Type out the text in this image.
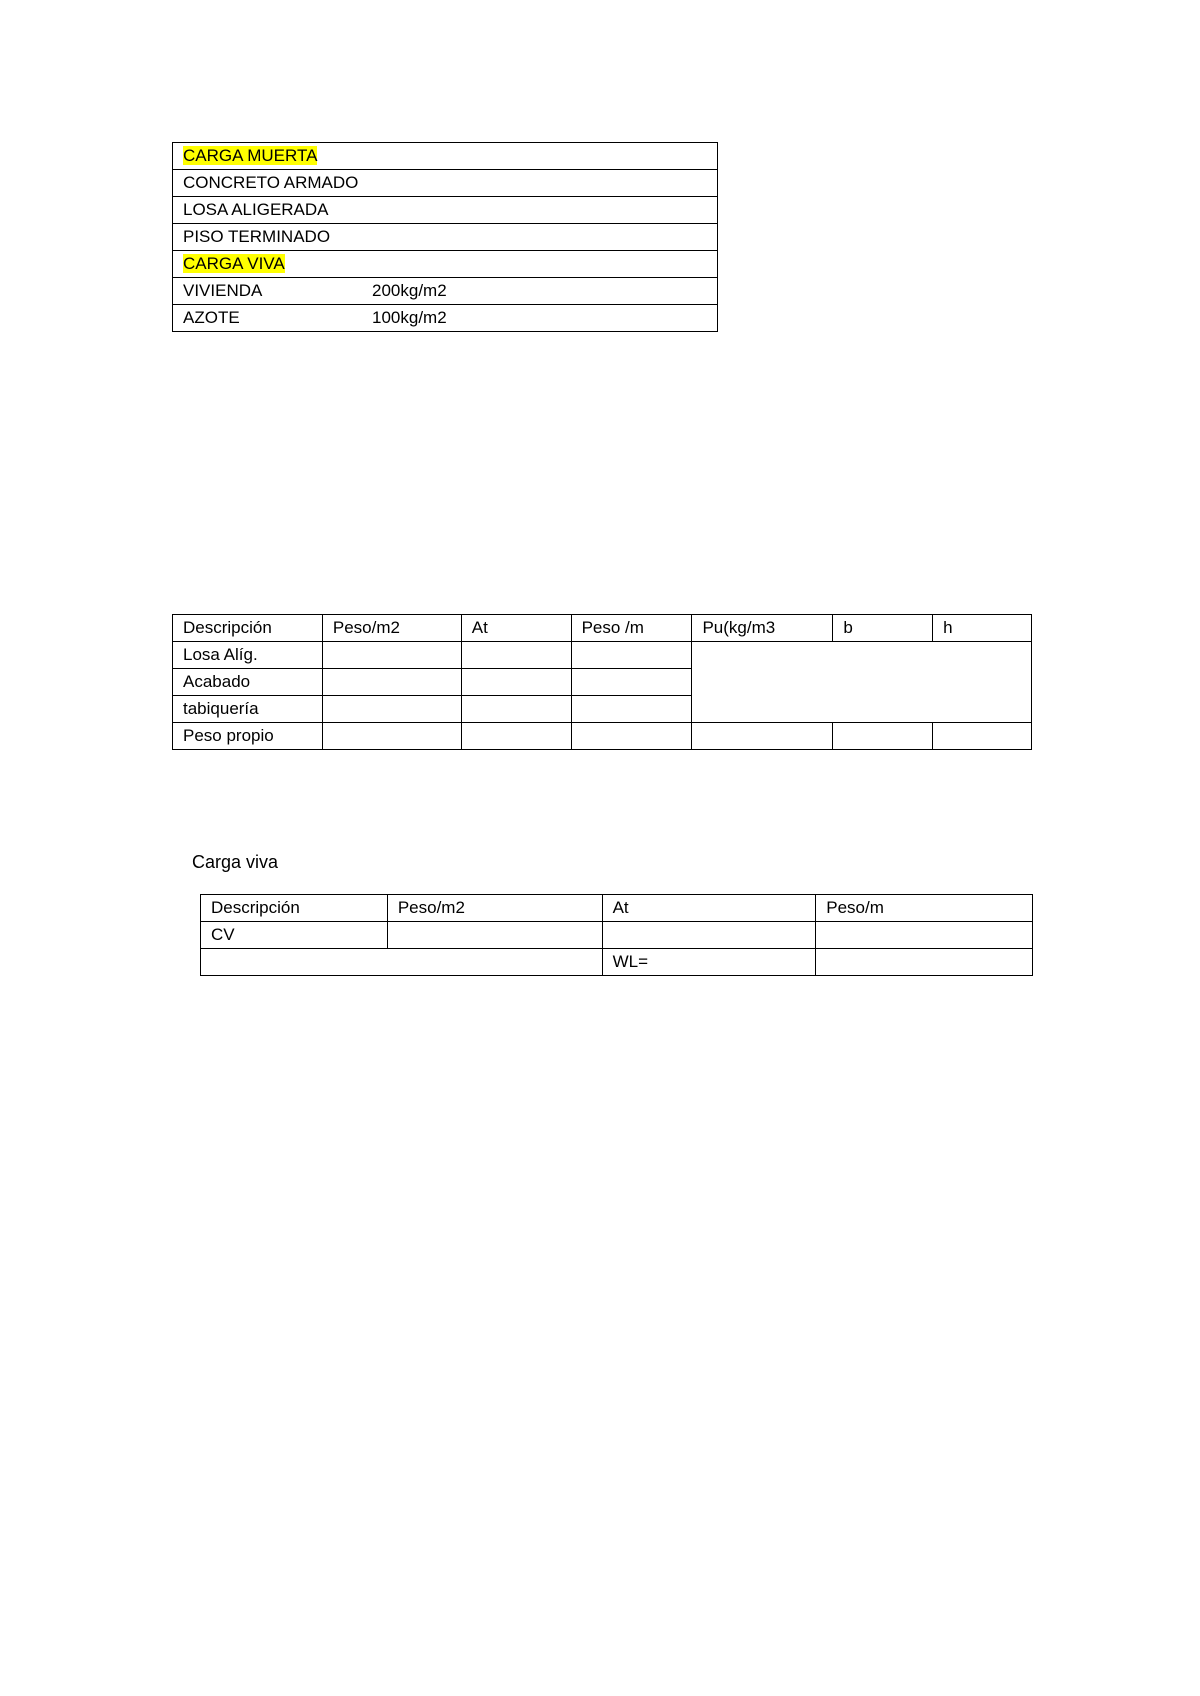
CARGA MUERTA
CONCRETO ARMADO
LOSA ALIGERADA
PISO TERMINADO
CARGA VIVA
VIVIENDA	200kg/m2
AZOTE	100kg/m2
Descripción	Peso/m2	At	Peso /m	Pu(kg/m3	b	h
Losa Alíg.						
Acabado						
tabiquería						
Peso propio						
Carga viva
Descripción	Peso/m2	At	Peso/m
CV			
		WL=	
